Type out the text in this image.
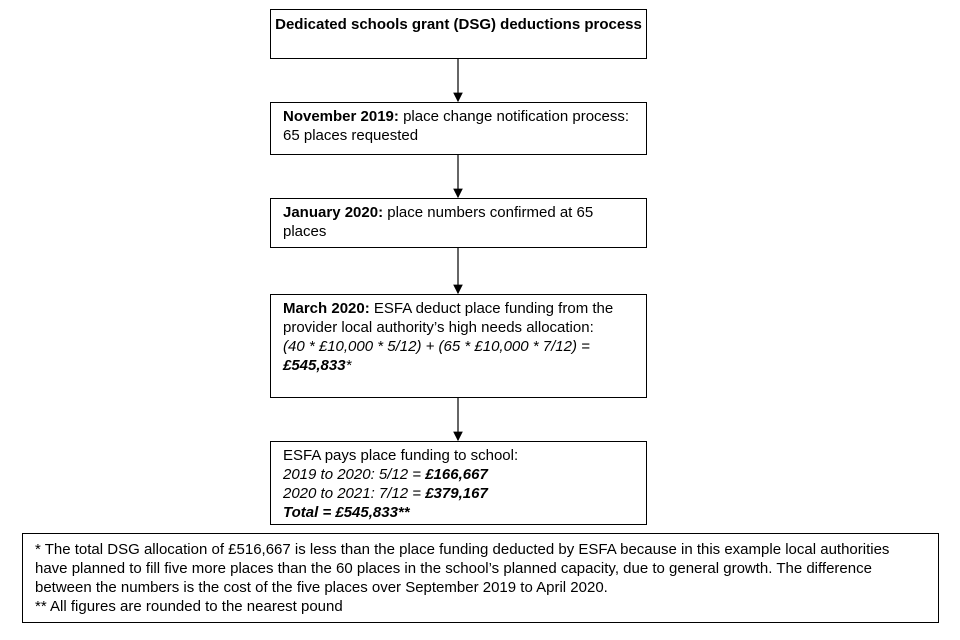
Dedicated schools grant (DSG) deductions process
November 2019: place change notification process: 65 places requested
January 2020: place numbers confirmed at 65 places
March 2020: ESFA deduct place funding from the provider local authority’s high needs allocation:
(40 * £10,000 * 5/12) + (65 * £10,000 * 7/12) = £545,833*
ESFA pays place funding to school:
2019 to 2020: 5/12 = £166,667
2020 to 2021: 7/12 = £379,167
Total = £545,833**
* The total DSG allocation of £516,667 is less than the place funding deducted by ESFA because in this example local authorities have planned to fill five more places than the 60 places in the school’s planned capacity, due to general growth. The difference between the numbers is the cost of the five places over September 2019 to April 2020.
** All figures are rounded to the nearest pound
